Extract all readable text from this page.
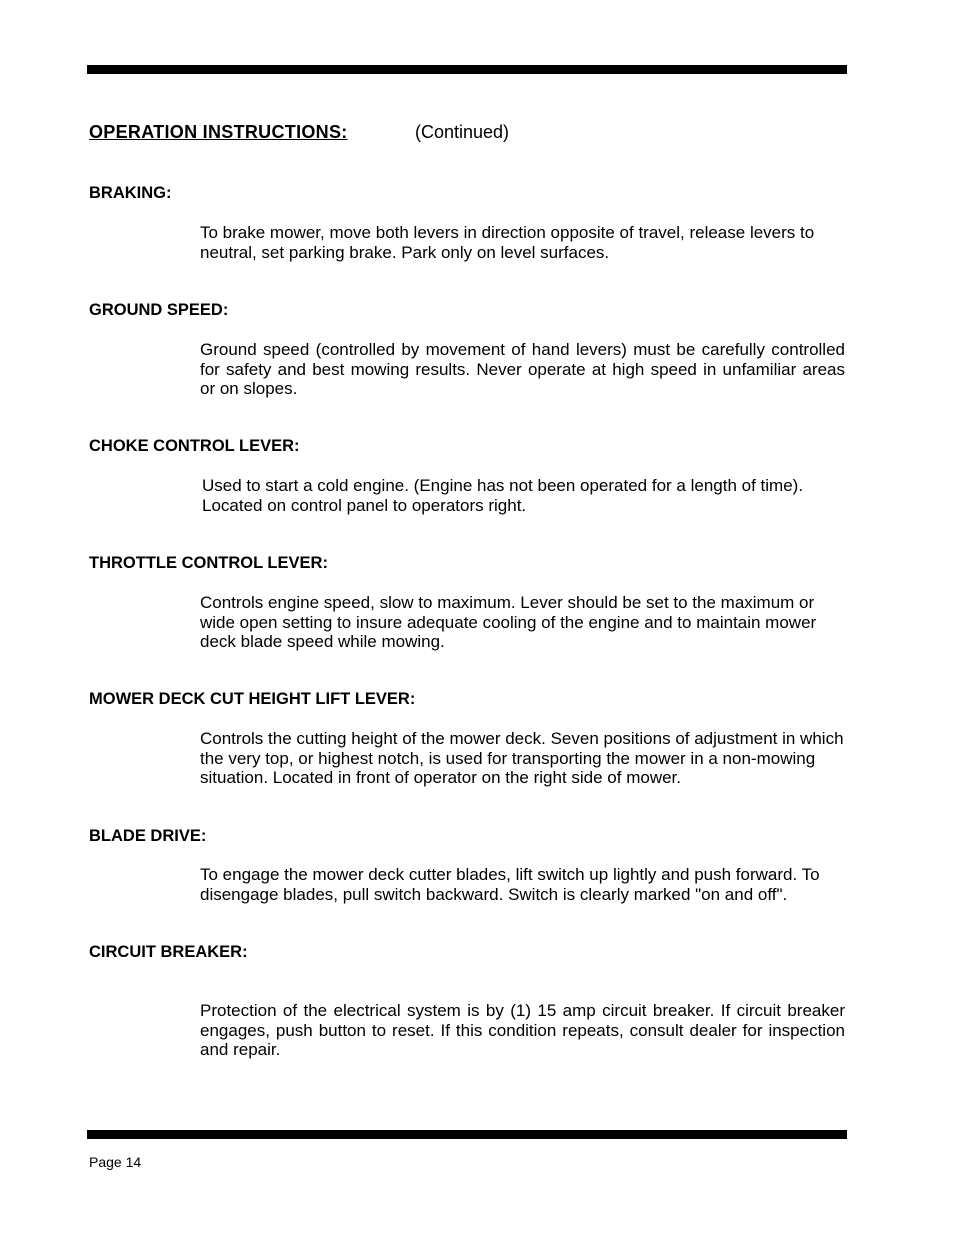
OPERATION INSTRUCTIONS:	(Continued)
BRAKING:

To brake mower, move both levers in direction opposite of travel, release levers to neutral, set parking brake. Park only on level surfaces.

GROUND SPEED:

Ground speed (controlled by movement of hand levers) must be carefully controlled for safety and best mowing results. Never operate at high speed in unfamiliar areas or on slopes.

CHOKE CONTROL LEVER:

Used to start a cold engine. (Engine has not been operated for a length of time). Located on control panel to operators right.

THROTTLE CONTROL LEVER:

Controls engine speed, slow to maximum. Lever should be set to the maximum or wide open setting to insure adequate cooling of the engine and to maintain mower deck blade speed while mowing.

MOWER DECK CUT HEIGHT LIFT LEVER:

Controls the cutting height of the mower deck. Seven positions of adjustment in which the very top, or highest notch, is used for transporting the mower in a non-mowing situation. Located in front of operator on the right side of mower.

BLADE DRIVE:

To engage the mower deck cutter blades, lift switch up lightly and push forward. To disengage blades, pull switch backward. Switch is clearly marked "on and off".

CIRCUIT BREAKER:

Protection of the electrical system is by (1) 15 amp circuit breaker. If circuit breaker engages, push button to reset. If this condition repeats, consult dealer for inspection and repair.

Page 14
